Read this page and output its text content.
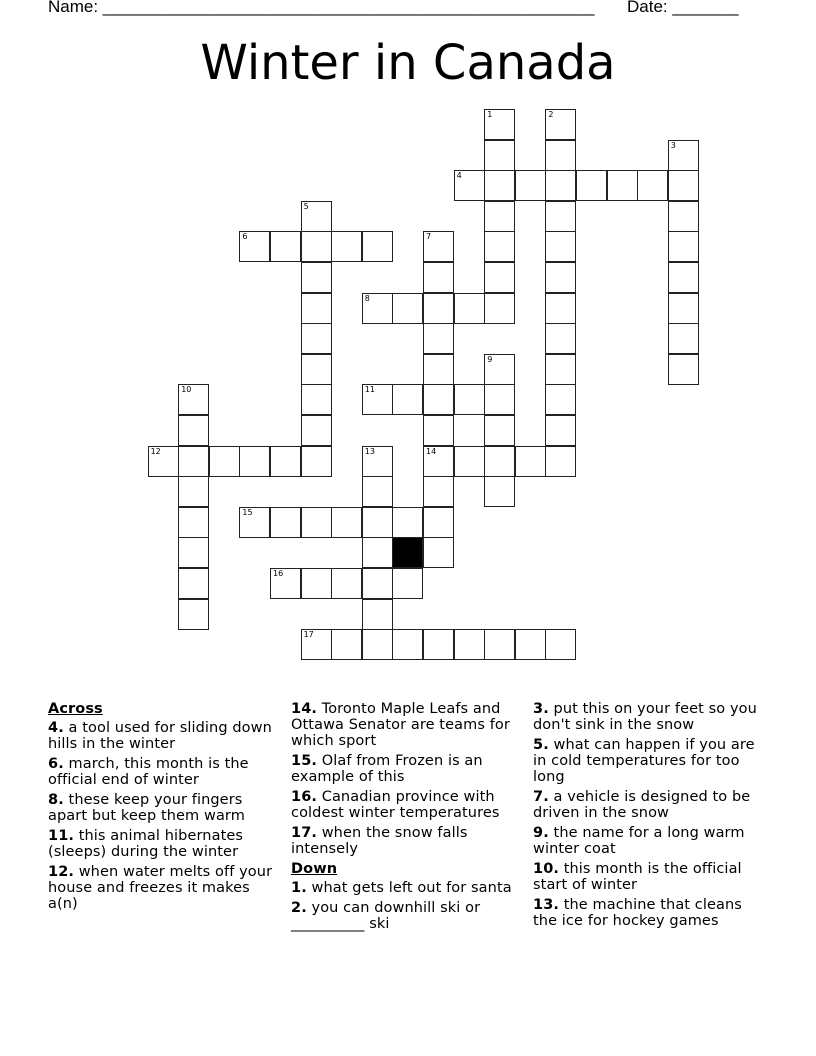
Name: ____________________________________________________ Date: _______
Winter in Canada
1	2
3
4
5
6	7
8
9
10	11
12	13	14
15
16
17
Across
4. a tool used for sliding down hills in the winter
6. march, this month is the official end of winter
8. these keep your fingers apart but keep them warm
11. this animal hibernates (sleeps) during the winter
12. when water melts off your house and freezes it makes a(n)
14. Toronto Maple Leafs and Ottawa Senator are teams for which sport
15. Olaf from Frozen is an example of this
16. Canadian province with coldest winter temperatures
17. when the snow falls intensely
Down
1. what gets left out for santa
2. you can downhill ski or __________ ski
3. put this on your feet so you don't sink in the snow
5. what can happen if you are in cold temperatures for too long
7. a vehicle is designed to be driven in the snow
9. the name for a long warm winter coat
10. this month is the official start of winter
13. the machine that cleans the ice for hockey games
